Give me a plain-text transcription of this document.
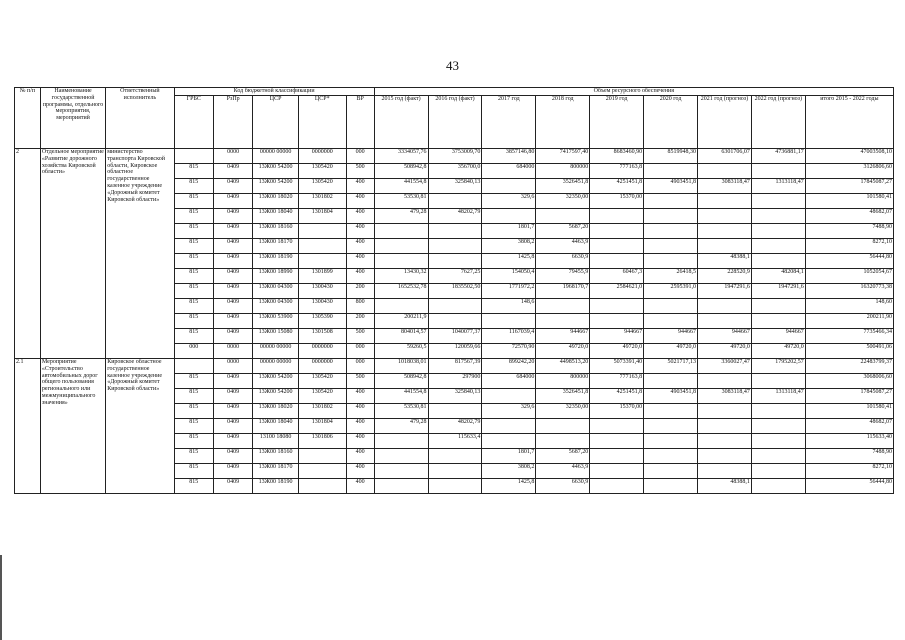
43
№ п/п	Наименование государственной программы, отдельного мероприятия, мероприятий	Ответственный исполнитель	Код бюджетной классификации					Объем ресурсного обеспечения								
			ГРБС	РзПр	ЦСР	ЦСР*	ВР	2015 год (факт)	2016 год (факт)	2017 год	2018 год	2019 год	2020 год	2021 год (прогноз)	2022 год (прогноз)	итого 2015 - 2022 годы
2	Отдельное мероприятие «Развитие дорожного хозяйства Кировской области»	министерство транспорта Кировской области, Кировское областное государственное казенное учреждение «Дорожный комитет Кировской области»		0000	00000 00000	0000000	000	3334057,76	3753009,70	3857146,80	7417597,40	8683460,90	8519948,30	6301706,07	4736881,17	47003508,10
			815	0409	13Ж00 54200	1305420	500	508942,8	356700,0	684000	800000	777163,8				3126806,60
			815	0409	13Ж00 54200	1305420	400	441554,8	325840,13		3526451,8	4251451,8	4903451,8	3083118,47	1313118,47	17845087,27
			815	0409	13Ж00 18020	1301802	400	53530,81		329,6	32350,00	15370,00				101580,41
			815	0409	13Ж00 18040	1301804	400	479,28	48202,79							48682,07
			815	0409	13Ж00 18160		400			1801,7	5687,20					7488,90
			815	0409	13Ж00 18170		400			3808,2	4463,9					8272,10
			815	0409	13Ж00 18190		400			1425,8	6630,9			48388,1		56444,80
			815	0409	13Ж00 18990	1301899	400	13430,32	7627,25	154050,4	79455,9	60467,3	26418,5	228520,9	482084,1	1052054,67
			815	0409	13Ж00 04300	1300430	200	1652532,78	1835502,50	1771972,2	1968170,7	2584621,0	2595391,0	1947291,6	1947291,6	16320773,38
			815	0409	13Ж00 04300	1300430	800			148,6						148,60
			815	0409	13Ж00 53900	1305390	200	200211,9								200211,90
			815	0409	13Ж00 15080	1301508	500	804014,57	1040077,37	1167039,4	944667	944667	944667	944667	944667	7735466,34
			000	0000	00000 00000	0000000	000	59260,5	120059,66	72570,90	49720,0	49720,0	49720,0	49720,0	49720,0	500491,06
2.1	Мероприятие «Строительство автомобильных дорог общего пользования регионального или межмуниципального значения»	Кировское областное государственное казенное учреждение «Дорожный комитет Кировской области»		0000	00000 00000	0000000	000	1018038,01	817567,39	899242,20	4498513,20	5073391,40	5021717,13	3360027,47	1795202,57	22483799,37
			815	0409	13Ж00 54200	1305420	500	508942,8	297900	684000	800000	777163,8				3068006,60
			815	0409	13Ж00 54200	1305420	400	441554,8	325840,13		3526451,8	4251451,8	4903451,8	3083118,47	1313118,47	17845087,27
			815	0409	13Ж00 18020	1301802	400	53530,81		329,6	32350,00	15370,00				101580,41
			815	0409	13Ж00 18040	1301804	400	479,28	48202,79							48682,07
			815	0409	13100 18080	1301806	400		115633,4							115633,40
			815	0409	13Ж00 18160		400			1801,7	5687,20					7488,90
			815	0409	13Ж00 18170		400			3808,2	4463,9					8272,10
			815	0409	13Ж00 18190		400			1425,8	6630,9			48388,1		56444,80
